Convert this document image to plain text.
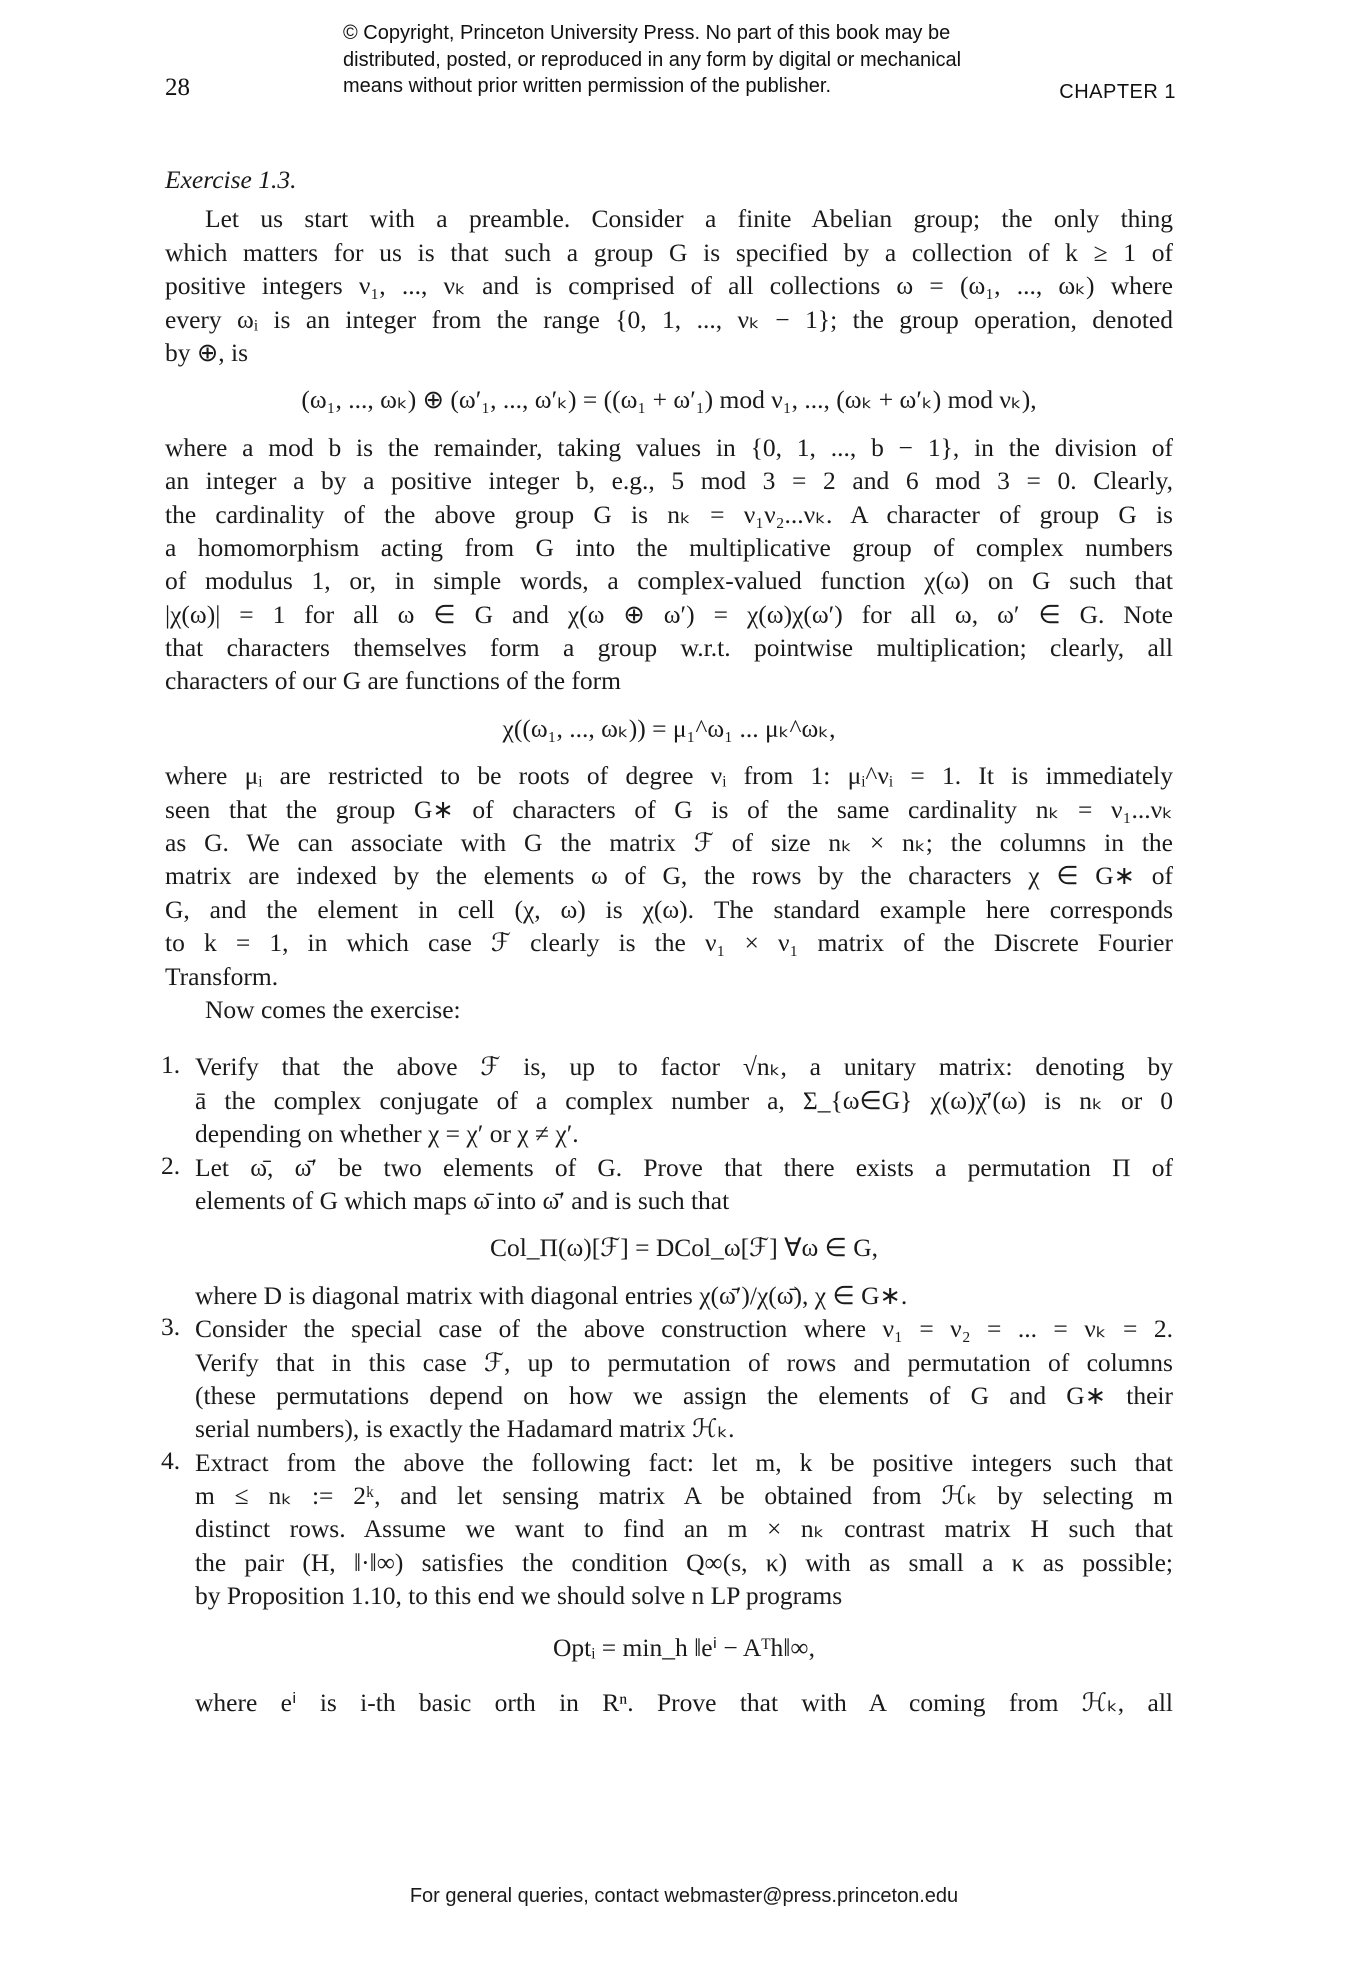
© Copyright, Princeton University Press. No part of this book may be
distributed, posted, or reproduced in any form by digital or mechanical
means without prior written permission of the publisher.
28	CHAPTER 1
Exercise 1.3.
Let us start with a preamble. Consider a finite Abelian group; the only thing
which matters for us is that such a group G is specified by a collection of k ≥ 1 of
positive integers ν₁, ..., νₖ and is comprised of all collections ω = (ω₁, ..., ωₖ) where
every ωᵢ is an integer from the range {0, 1, ..., νₖ − 1}; the group operation, denoted
by ⊕, is
(ω₁, ..., ωₖ) ⊕ (ω′₁, ..., ω′ₖ) = ((ω₁ + ω′₁) mod ν₁, ..., (ωₖ + ω′ₖ) mod νₖ),
where a mod b is the remainder, taking values in {0, 1, ..., b − 1}, in the division of
an integer a by a positive integer b, e.g., 5 mod 3 = 2 and 6 mod 3 = 0. Clearly,
the cardinality of the above group G is nₖ = ν₁ν₂...νₖ. A character of group G is
a homomorphism acting from G into the multiplicative group of complex numbers
of modulus 1, or, in simple words, a complex-valued function χ(ω) on G such that
|χ(ω)| = 1 for all ω ∈ G and χ(ω ⊕ ω′) = χ(ω)χ(ω′) for all ω, ω′ ∈ G. Note
that characters themselves form a group w.r.t. pointwise multiplication; clearly, all
characters of our G are functions of the form
χ((ω₁, ..., ωₖ)) = μ₁^ω₁ ... μₖ^ωₖ,
where μᵢ are restricted to be roots of degree νᵢ from 1: μᵢ^νᵢ = 1. It is immediately
seen that the group G∗ of characters of G is of the same cardinality nₖ = ν₁...νₖ
as G. We can associate with G the matrix ℱ of size nₖ × nₖ; the columns in the
matrix are indexed by the elements ω of G, the rows by the characters χ ∈ G∗ of
G, and the element in cell (χ, ω) is χ(ω). The standard example here corresponds
to k = 1, in which case ℱ clearly is the ν₁ × ν₁ matrix of the Discrete Fourier
Transform.
Now comes the exercise:
1. Verify that the above ℱ is, up to factor √nₖ, a unitary matrix: denoting by
ā the complex conjugate of a complex number a, Σ_{ω∈G} χ(ω)χ̄′(ω) is nₖ or 0
depending on whether χ = χ′ or χ ≠ χ′.
2. Let ω̄, ω̄′ be two elements of G. Prove that there exists a permutation Π of
elements of G which maps ω̄ into ω̄′ and is such that
Col_Π(ω)[ℱ] = DCol_ω[ℱ] ∀ω ∈ G,
where D is diagonal matrix with diagonal entries χ(ω̄′)/χ(ω̄), χ ∈ G∗.
3. Consider the special case of the above construction where ν₁ = ν₂ = ... = νₖ = 2.
Verify that in this case ℱ, up to permutation of rows and permutation of columns
(these permutations depend on how we assign the elements of G and G∗ their
serial numbers), is exactly the Hadamard matrix ℋₖ.
4. Extract from the above the following fact: let m, k be positive integers such that
m ≤ nₖ := 2ᵏ, and let sensing matrix A be obtained from ℋₖ by selecting m
distinct rows. Assume we want to find an m × nₖ contrast matrix H such that
the pair (H, ‖·‖∞) satisfies the condition Q∞(s, κ) with as small a κ as possible;
by Proposition 1.10, to this end we should solve n LP programs
Optᵢ = min_h ‖eⁱ − Aᵀh‖∞,
where eⁱ is i-th basic orth in Rⁿ. Prove that with A coming from ℋₖ, all
For general queries, contact webmaster@press.princeton.edu
